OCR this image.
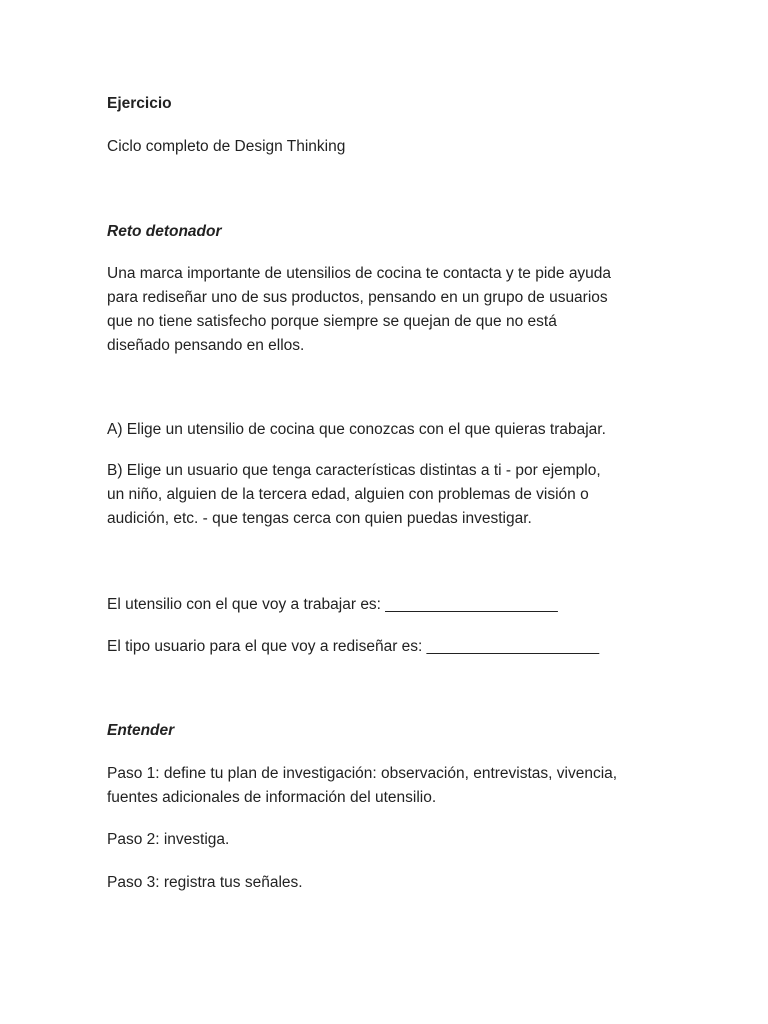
Ejercicio

Ciclo completo de Design Thinking

Reto detonador

Una marca importante de utensilios de cocina te contacta y te pide ayuda
para rediseñar uno de sus productos, pensando en un grupo de usuarios
que no tiene satisfecho porque siempre se quejan de que no está
diseñado pensando en ellos.

A) Elige un utensilio de cocina que conozcas con el que quieras trabajar.

B) Elige un usuario que tenga características distintas a ti - por ejemplo,
un niño, alguien de la tercera edad, alguien con problemas de visión o
audición, etc. - que tengas cerca con quien puedas investigar.

El utensilio con el que voy a trabajar es: ____________________

El tipo usuario para el que voy a rediseñar es: ____________________

Entender

Paso 1: define tu plan de investigación: observación, entrevistas, vivencia,
fuentes adicionales de información del utensilio.

Paso 2: investiga.

Paso 3: registra tus señales.
